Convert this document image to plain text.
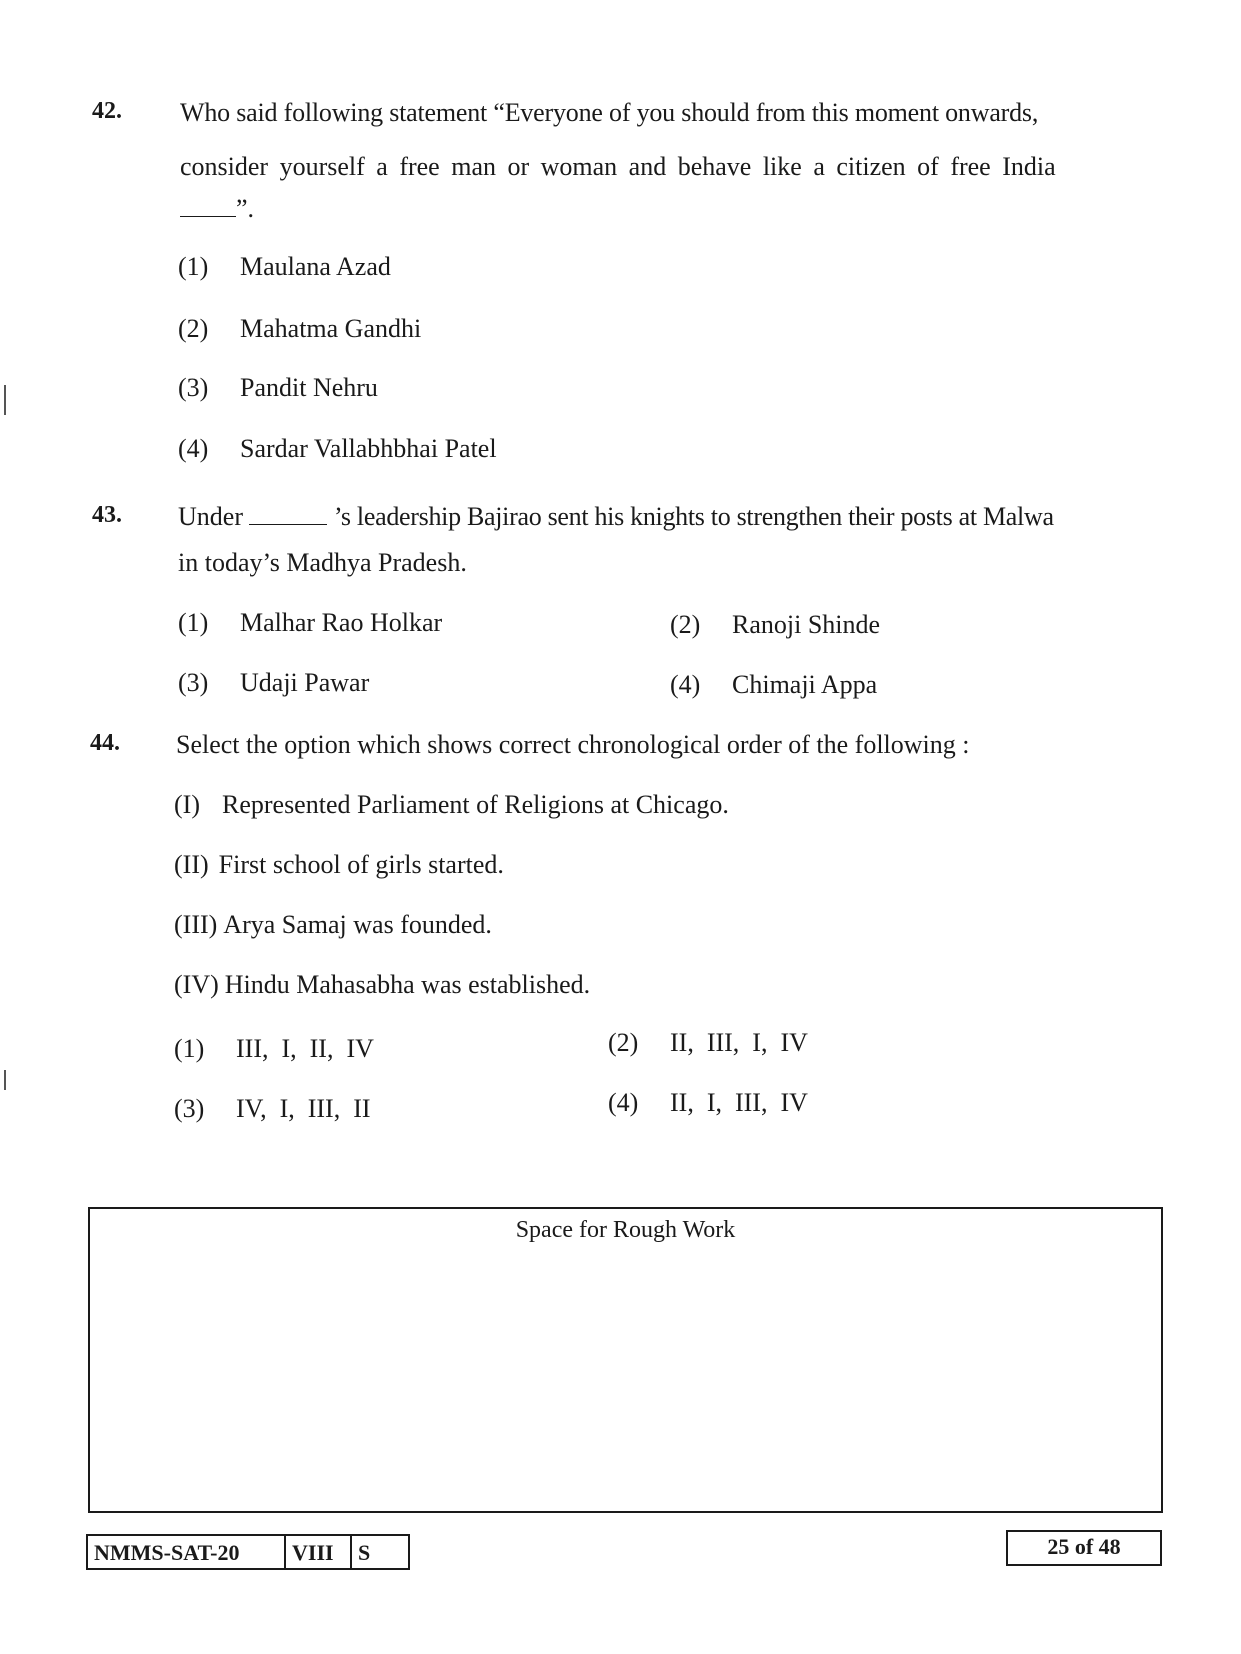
42. Who said following statement “Everyone of you should from this moment onwards,
consider yourself a free man or woman and behave like a citizen of free India
”.
(1) Maulana Azad
(2) Mahatma Gandhi
(3) Pandit Nehru
(4) Sardar Vallabhbhai Patel
43. Under	’s leadership Bajirao sent his knights to strengthen their posts at Malwa
in today’s Madhya Pradesh.
(1) Malhar Rao Holkar	(2) Ranoji Shinde
(3) Udaji Pawar	(4) Chimaji Appa
44. Select the option which shows correct chronological order of the following :
(I) Represented Parliament of Religions at Chicago.
(II) First school of girls started.
(III) Arya Samaj was founded.
(IV) Hindu Mahasabha was established.
(1) III,  I,  II,  IV	(2) II,  III,  I,  IV
(3) IV,  I,  III,  II	(4) II,  I,  III,  IV
Space for Rough Work
NMMS-SAT-20	VIII	S	25 of 48
